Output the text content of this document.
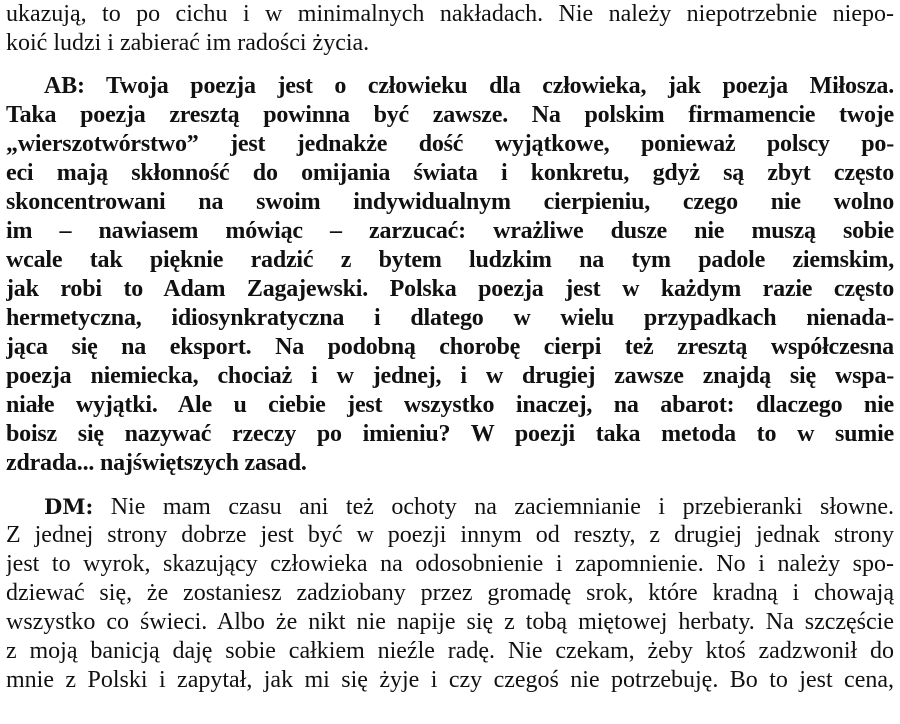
ukazują, to po cichu i w minimalnych nakładach. Nie należy niepotrzebnie niepo-
koić ludzi i zabierać im radości życia.
AB: Twoja poezja jest o człowieku dla człowieka, jak poezja Miłosza.
Taka poezja zresztą powinna być zawsze. Na polskim firmamencie twoje
„wierszotwórstwo” jest jednakże dość wyjątkowe, ponieważ polscy po-
eci mają skłonność do omijania świata i konkretu, gdyż są zbyt często
skoncentrowani na swoim indywidualnym cierpieniu, czego nie wolno
im – nawiasem mówiąc – zarzucać: wrażliwe dusze nie muszą sobie
wcale tak pięknie radzić z bytem ludzkim na tym padole ziemskim,
jak robi to Adam Zagajewski. Polska poezja jest w każdym razie często
hermetyczna, idiosynkratyczna i dlatego w wielu przypadkach nienada-
jąca się na eksport. Na podobną chorobę cierpi też zresztą współczesna
poezja niemiecka, chociaż i w jednej, i w drugiej zawsze znajdą się wspa-
niałe wyjątki. Ale u ciebie jest wszystko inaczej, na abarot: dlaczego nie
boisz się nazywać rzeczy po imieniu? W poezji taka metoda to w sumie
zdrada... najświętszych zasad.
DM: Nie mam czasu ani też ochoty na zaciemnianie i przebieranki słowne.
Z jednej strony dobrze jest być w poezji innym od reszty, z drugiej jednak strony
jest to wyrok, skazujący człowieka na odosobnienie i zapomnienie. No i należy spo-
dziewać się, że zostaniesz zadziobany przez gromadę srok, które kradną i chowają
wszystko co świeci. Albo że nikt nie napije się z tobą miętowej herbaty. Na szczęście
z moją banicją daję sobie całkiem nieźle radę. Nie czekam, żeby ktoś zadzwonił do
mnie z Polski i zapytał, jak mi się żyje i czy czegoś nie potrzebuję. Bo to jest cena,
